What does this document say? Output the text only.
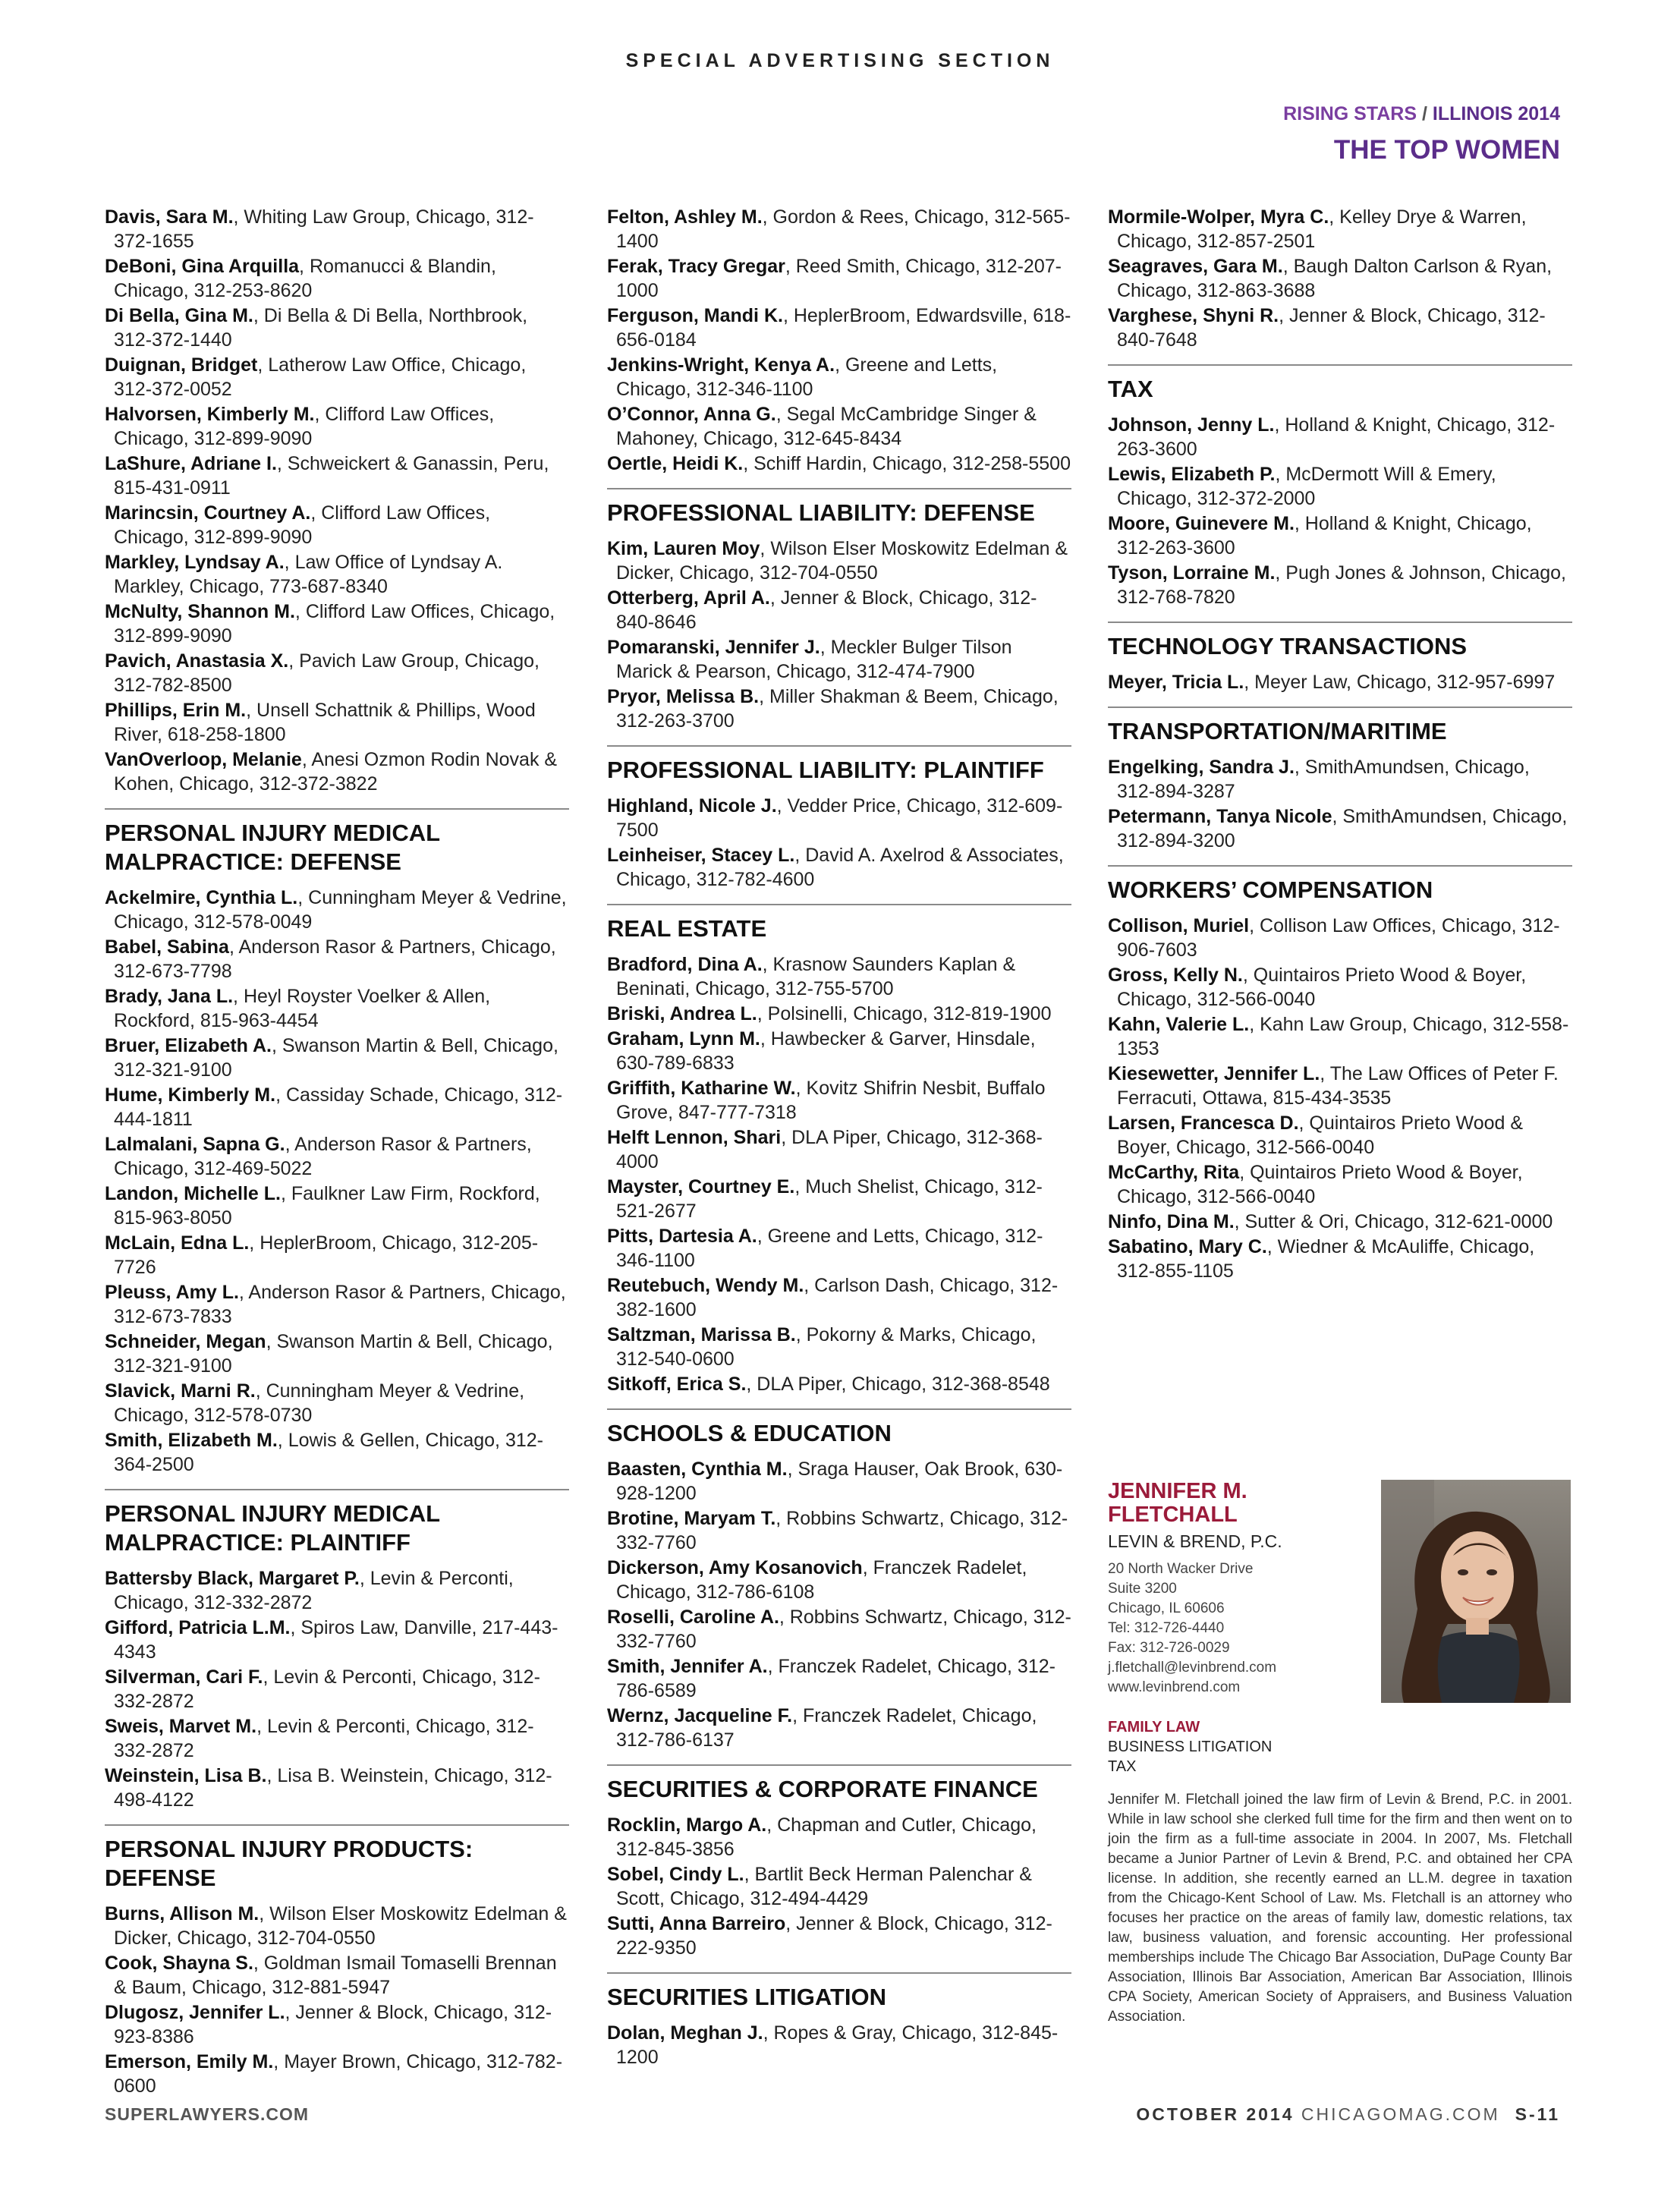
SPECIAL ADVERTISING SECTION
RISING STARS / ILLINOIS 2014
THE TOP WOMEN
Davis, Sara M., Whiting Law Group, Chicago, 312-372-1655
DeBoni, Gina Arquilla, Romanucci & Blandin, Chicago, 312-253-8620
Di Bella, Gina M., Di Bella & Di Bella, Northbrook, 312-372-1440
Duignan, Bridget, Latherow Law Office, Chicago, 312-372-0052
Halvorsen, Kimberly M., Clifford Law Offices, Chicago, 312-899-9090
LaShure, Adriane I., Schweickert & Ganassin, Peru, 815-431-0911
Marincsin, Courtney A., Clifford Law Offices, Chicago, 312-899-9090
Markley, Lyndsay A., Law Office of Lyndsay A. Markley, Chicago, 773-687-8340
McNulty, Shannon M., Clifford Law Offices, Chicago, 312-899-9090
Pavich, Anastasia X., Pavich Law Group, Chicago, 312-782-8500
Phillips, Erin M., Unsell Schattnik & Phillips, Wood River, 618-258-1800
VanOverloop, Melanie, Anesi Ozmon Rodin Novak & Kohen, Chicago, 312-372-3822
PERSONAL INJURY MEDICAL MALPRACTICE: DEFENSE
Ackelmire, Cynthia L., Cunningham Meyer & Vedrine, Chicago, 312-578-0049
Babel, Sabina, Anderson Rasor & Partners, Chicago, 312-673-7798
Brady, Jana L., Heyl Royster Voelker & Allen, Rockford, 815-963-4454
Bruer, Elizabeth A., Swanson Martin & Bell, Chicago, 312-321-9100
Hume, Kimberly M., Cassiday Schade, Chicago, 312-444-1811
Lalmalani, Sapna G., Anderson Rasor & Partners, Chicago, 312-469-5022
Landon, Michelle L., Faulkner Law Firm, Rockford, 815-963-8050
McLain, Edna L., HeplerBroom, Chicago, 312-205-7726
Pleuss, Amy L., Anderson Rasor & Partners, Chicago, 312-673-7833
Schneider, Megan, Swanson Martin & Bell, Chicago, 312-321-9100
Slavick, Marni R., Cunningham Meyer & Vedrine, Chicago, 312-578-0730
Smith, Elizabeth M., Lowis & Gellen, Chicago, 312-364-2500
PERSONAL INJURY MEDICAL MALPRACTICE: PLAINTIFF
Battersby Black, Margaret P., Levin & Perconti, Chicago, 312-332-2872
Gifford, Patricia L.M., Spiros Law, Danville, 217-443-4343
Silverman, Cari F., Levin & Perconti, Chicago, 312-332-2872
Sweis, Marvet M., Levin & Perconti, Chicago, 312-332-2872
Weinstein, Lisa B., Lisa B. Weinstein, Chicago, 312-498-4122
PERSONAL INJURY PRODUCTS: DEFENSE
Burns, Allison M., Wilson Elser Moskowitz Edelman & Dicker, Chicago, 312-704-0550
Cook, Shayna S., Goldman Ismail Tomaselli Brennan & Baum, Chicago, 312-881-5947
Dlugosz, Jennifer L., Jenner & Block, Chicago, 312-923-8386
Emerson, Emily M., Mayer Brown, Chicago, 312-782-0600
Felton, Ashley M., Gordon & Rees, Chicago, 312-565-1400
Ferak, Tracy Gregar, Reed Smith, Chicago, 312-207-1000
Ferguson, Mandi K., HeplerBroom, Edwardsville, 618-656-0184
Jenkins-Wright, Kenya A., Greene and Letts, Chicago, 312-346-1100
O’Connor, Anna G., Segal McCambridge Singer & Mahoney, Chicago, 312-645-8434
Oertle, Heidi K., Schiff Hardin, Chicago, 312-258-5500
PROFESSIONAL LIABILITY: DEFENSE
Kim, Lauren Moy, Wilson Elser Moskowitz Edelman & Dicker, Chicago, 312-704-0550
Otterberg, April A., Jenner & Block, Chicago, 312-840-8646
Pomaranski, Jennifer J., Meckler Bulger Tilson Marick & Pearson, Chicago, 312-474-7900
Pryor, Melissa B., Miller Shakman & Beem, Chicago, 312-263-3700
PROFESSIONAL LIABILITY: PLAINTIFF
Highland, Nicole J., Vedder Price, Chicago, 312-609-7500
Leinheiser, Stacey L., David A. Axelrod & Associates, Chicago, 312-782-4600
REAL ESTATE
Bradford, Dina A., Krasnow Saunders Kaplan & Beninati, Chicago, 312-755-5700
Briski, Andrea L., Polsinelli, Chicago, 312-819-1900
Graham, Lynn M., Hawbecker & Garver, Hinsdale, 630-789-6833
Griffith, Katharine W., Kovitz Shifrin Nesbit, Buffalo Grove, 847-777-7318
Helft Lennon, Shari, DLA Piper, Chicago, 312-368-4000
Mayster, Courtney E., Much Shelist, Chicago, 312-521-2677
Pitts, Dartesia A., Greene and Letts, Chicago, 312-346-1100
Reutebuch, Wendy M., Carlson Dash, Chicago, 312-382-1600
Saltzman, Marissa B., Pokorny & Marks, Chicago, 312-540-0600
Sitkoff, Erica S., DLA Piper, Chicago, 312-368-8548
SCHOOLS & EDUCATION
Baasten, Cynthia M., Sraga Hauser, Oak Brook, 630-928-1200
Brotine, Maryam T., Robbins Schwartz, Chicago, 312-332-7760
Dickerson, Amy Kosanovich, Franczek Radelet, Chicago, 312-786-6108
Roselli, Caroline A., Robbins Schwartz, Chicago, 312-332-7760
Smith, Jennifer A., Franczek Radelet, Chicago, 312-786-6589
Wernz, Jacqueline F., Franczek Radelet, Chicago, 312-786-6137
SECURITIES & CORPORATE FINANCE
Rocklin, Margo A., Chapman and Cutler, Chicago, 312-845-3856
Sobel, Cindy L., Bartlit Beck Herman Palenchar & Scott, Chicago, 312-494-4429
Sutti, Anna Barreiro, Jenner & Block, Chicago, 312-222-9350
SECURITIES LITIGATION
Dolan, Meghan J., Ropes & Gray, Chicago, 312-845-1200
Mormile-Wolper, Myra C., Kelley Drye & Warren, Chicago, 312-857-2501
Seagraves, Gara M., Baugh Dalton Carlson & Ryan, Chicago, 312-863-3688
Varghese, Shyni R., Jenner & Block, Chicago, 312-840-7648
TAX
Johnson, Jenny L., Holland & Knight, Chicago, 312-263-3600
Lewis, Elizabeth P., McDermott Will & Emery, Chicago, 312-372-2000
Moore, Guinevere M., Holland & Knight, Chicago, 312-263-3600
Tyson, Lorraine M., Pugh Jones & Johnson, Chicago, 312-768-7820
TECHNOLOGY TRANSACTIONS
Meyer, Tricia L., Meyer Law, Chicago, 312-957-6997
TRANSPORTATION/MARITIME
Engelking, Sandra J., SmithAmundsen, Chicago, 312-894-3287
Petermann, Tanya Nicole, SmithAmundsen, Chicago, 312-894-3200
WORKERS’ COMPENSATION
Collison, Muriel, Collison Law Offices, Chicago, 312-906-7603
Gross, Kelly N., Quintairos Prieto Wood & Boyer, Chicago, 312-566-0040
Kahn, Valerie L., Kahn Law Group, Chicago, 312-558-1353
Kiesewetter, Jennifer L., The Law Offices of Peter F. Ferracuti, Ottawa, 815-434-3535
Larsen, Francesca D., Quintairos Prieto Wood & Boyer, Chicago, 312-566-0040
McCarthy, Rita, Quintairos Prieto Wood & Boyer, Chicago, 312-566-0040
Ninfo, Dina M., Sutter & Ori, Chicago, 312-621-0000
Sabatino, Mary C., Wiedner & McAuliffe, Chicago, 312-855-1105
JENNIFER M.
FLETCHALL
LEVIN & BREND, P.C.
20 North Wacker Drive
Suite 3200
Chicago, IL 60606
Tel: 312-726-4440
Fax: 312-726-0029
j.fletchall@levinbrend.com
www.levinbrend.com
FAMILY LAW
BUSINESS LITIGATION
TAX
Jennifer M. Fletchall joined the law firm of Levin & Brend, P.C. in 2001. While in law school she clerked full time for the firm and then went on to join the firm as a full-time associate in 2004. In 2007, Ms. Fletchall became a Junior Partner of Levin & Brend, P.C. and obtained her CPA license. In addition, she recently earned an LL.M. degree in taxation from the Chicago-Kent School of Law. Ms. Fletchall is an attorney who focuses her practice on the areas of family law, domestic relations, tax law, business valuation, and forensic accounting. Her professional memberships include The Chicago Bar Association, DuPage County Bar Association, Illinois Bar Association, American Bar Association, Illinois CPA Society, American Society of Appraisers, and Business Valuation Association.
SUPERLAWYERS.COM	OCTOBER 2014 CHICAGOMAG.COM S-11
